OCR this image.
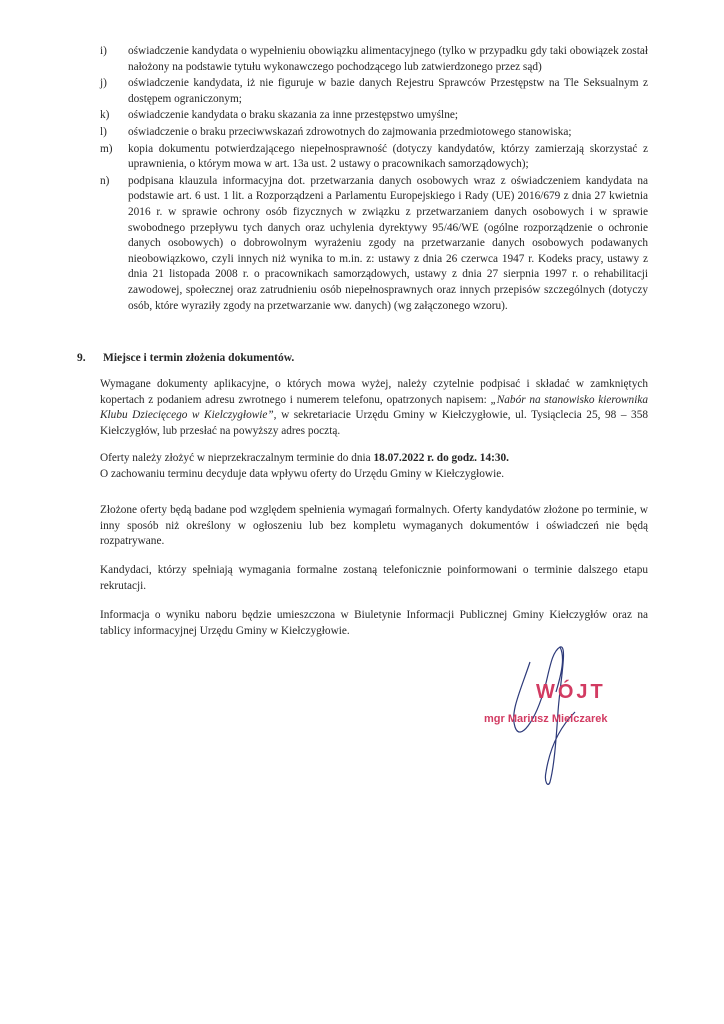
i)	oświadczenie kandydata o wypełnieniu obowiązku alimentacyjnego (tylko w przypadku gdy taki obowiązek został nałożony na podstawie tytułu wykonawczego pochodzącego lub zatwierdzonego przez sąd)
j)	oświadczenie kandydata, iż nie figuruje w bazie danych Rejestru Sprawców Przestępstw na Tle Seksualnym z dostępem ograniczonym;
k)	oświadczenie kandydata o braku skazania za inne przestępstwo umyślne;
l)	oświadczenie o braku przeciwwskazań zdrowotnych do zajmowania przedmiotowego stanowiska;
m)	kopia dokumentu potwierdzającego niepełnosprawność (dotyczy kandydatów, którzy zamierzają skorzystać z uprawnienia, o którym mowa w art. 13a ust. 2 ustawy o pracownikach samorządowych);
n)	podpisana klauzula informacyjna dot. przetwarzania danych osobowych wraz z oświadczeniem kandydata na podstawie art. 6 ust. 1 lit. a Rozporządzeni a Parlamentu Europejskiego i Rady (UE) 2016/679 z dnia 27 kwietnia 2016 r. w sprawie ochrony osób fizycznych w związku z przetwarzaniem danych osobowych i w sprawie swobodnego przepływu tych danych oraz uchylenia dyrektywy 95/46/WE (ogólne rozporządzenie o ochronie danych osobowych) o dobrowolnym wyrażeniu zgody na przetwarzanie danych osobowych podawanych nieobowiązkowo, czyli innych niż wynika to m.in. z: ustawy z dnia 26 czerwca 1947 r. Kodeks pracy, ustawy z dnia 21 listopada 2008 r. o pracownikach samorządowych, ustawy z dnia 27 sierpnia 1997 r. o rehabilitacji zawodowej, społecznej oraz zatrudnieniu osób niepełnosprawnych oraz innych przepisów szczególnych (dotyczy osób, które wyraziły zgody na przetwarzanie ww. danych) (wg załączonego wzoru).
9.	Miejsce i termin złożenia dokumentów.

Wymagane dokumenty aplikacyjne, o których mowa wyżej, należy czytelnie podpisać i składać w zamkniętych kopertach z podaniem adresu zwrotnego i numerem telefonu, opatrzonych napisem: „Nabór na stanowisko kierownika Klubu Dziecięcego w Kielczygłowie”, w sekretariacie Urzędu Gminy w Kiełczygłowie, ul. Tysiąclecia 25, 98 – 358 Kiełczygłów, lub przesłać na powyższy adres pocztą.

Oferty należy złożyć w nieprzekraczalnym terminie do dnia 18.07.2022 r. do godz. 14:30.
O zachowaniu terminu decyduje data wpływu oferty do Urzędu Gminy w Kiełczygłowie.

Złożone oferty będą badane pod względem spełnienia wymagań formalnych. Oferty kandydatów złożone po terminie, w inny sposób niż określony w ogłoszeniu lub bez kompletu wymaganych dokumentów i oświadczeń nie będą rozpatrywane.

Kandydaci, którzy spełniają wymagania formalne zostaną telefonicznie poinformowani o terminie dalszego etapu rekrutacji.

Informacja o wyniku naboru będzie umieszczona w Biuletynie Informacji Publicznej Gminy Kiełczygłów oraz na tablicy informacyjnej Urzędu Gminy w Kiełczygłowie.

WÓJT
mgr Mariusz Mielczarek
